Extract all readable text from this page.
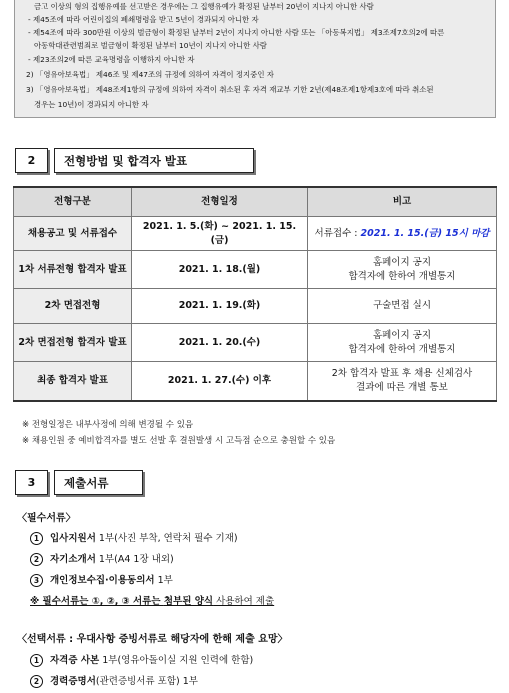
금고 이상의 형의 집행유예를 선고받은 경우에는 그 집행유예가 확정된 날부터 20년이 지나지 아니한 사람
- 제45조에 따라 어린이집의 폐쇄명령을 받고 5년이 경과되지 아니한 자
- 제54조에 따라 300만원 이상의 벌금형이 확정된 날부터 2년이 지나지 아니한 사람 또는 「아동복지법」 제3조제7호의2에 따른
아동학대관련범죄로 벌금형이 확정된 날부터 10년이 지나지 아니한 사람
- 제23조의2에 따른 교육명령을 이행하지 아니한 자
2) 「영유아보육법」 제46조 및 제47조의 규정에 의하여 자격이 정지중인 자
3) 「영유아보육법」 제48조제1항의 규정에 의하여 자격이 취소된 후 자격 재교부 기한 2년(제48조제1항제3호에 따라 취소된
경우는 10년)이 경과되지 아니한 자
2	전형방법 및 합격자 발표
전형구분	전형일정	비고
채용공고 및 서류접수	2021. 1. 5.(화) ~ 2021. 1. 15.(금)	서류접수 : 2021. 1. 15.(금) 15시 마감
1차 서류전형 합격자 발표	2021. 1. 18.(월)	홈페이지 공지
합격자에 한하여 개별통지
2차 면접전형	2021. 1. 19.(화)	구술면접 실시
2차 면접전형 합격자 발표	2021. 1. 20.(수)	홈페이지 공지
합격자에 한하여 개별통지
최종 합격자 발표	2021. 1. 27.(수) 이후	2차 합격자 발표 후 채용 신체검사
결과에 따른 개별 통보
※ 전형일정은 내부사정에 의해 변경될 수 있음
※ 채용인원 중 예비합격자를 별도 선발 후 결원발생 시 고득점 순으로 충원할 수 있음
3	제출서류
〈필수서류〉
1 입사지원서 1부(사진 부착, 연락처 필수 기재)
2 자기소개서 1부(A4 1장 내외)
3 개인정보수집·이용동의서 1부
※ 필수서류는 ①, ②, ③ 서류는 첨부된 양식 사용하여 제출
〈선택서류 : 우대사항 증빙서류로 해당자에 한해 제출 요망〉
1 자격증 사본 1부(영유아돌이실 지원 인력에 한함)
2 경력증명서(관련증빙서류 포함) 1부
